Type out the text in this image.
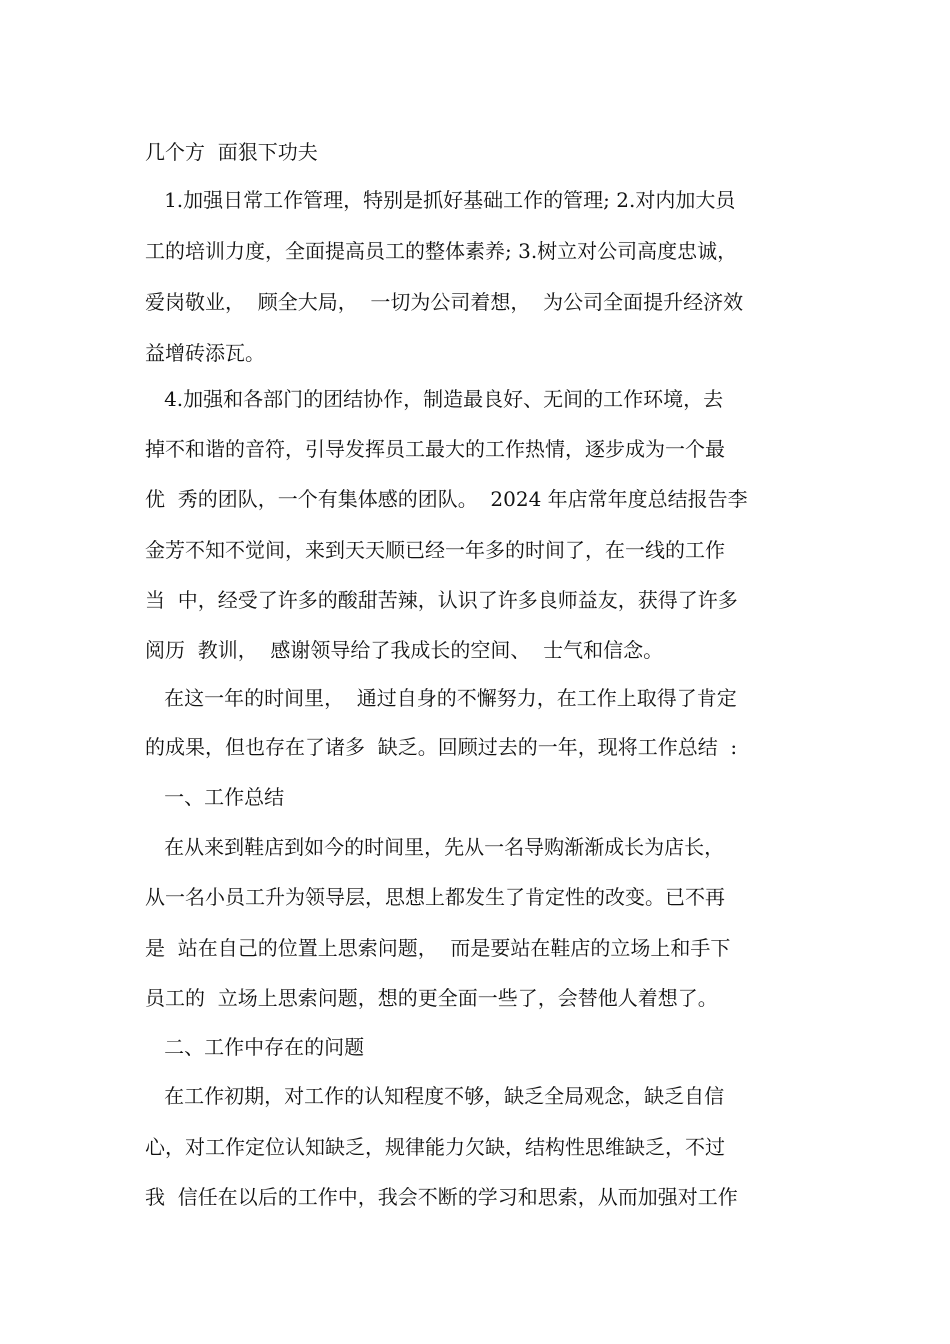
几个方  面狠下功夫
1.加强日常工作管理，特别是抓好基础工作的管理; 2.对内加大员
工的培训力度，全面提高员工的整体素养; 3.树立对公司高度忠诚，
爱岗敬业，  顾全大局，  一切为公司着想，  为公司全面提升经济效
益增砖添瓦。
4.加强和各部门的团结协作，制造最良好、无间的工作环境，去
掉不和谐的音符，引导发挥员工最大的工作热情，逐步成为一个最
优  秀的团队，一个有集体感的团队。  2024 年店常年度总结报告李
金芳不知不觉间，来到天天顺已经一年多的时间了，在一线的工作
当  中，经受了许多的酸甜苦辣，认识了许多良师益友，获得了许多
阅历  教训，  感谢领导给了我成长的空间、  士气和信念。
在这一年的时间里，  通过自身的不懈努力，在工作上取得了肯定
的成果，但也存在了诸多  缺乏。回顾过去的一年，现将工作总结  :
一、工作总结
在从来到鞋店到如今的时间里，先从一名导购渐渐成长为店长，
从一名小员工升为领导层，思想上都发生了肯定性的改变。已不再
是  站在自己的位置上思索问题，  而是要站在鞋店的立场上和手下
员工的  立场上思索问题，想的更全面一些了，会替他人着想了。
二、工作中存在的问题
在工作初期，对工作的认知程度不够，缺乏全局观念，缺乏自信
心，对工作定位认知缺乏，规律能力欠缺，结构性思维缺乏，不过
我  信任在以后的工作中，我会不断的学习和思索，从而加强对工作
